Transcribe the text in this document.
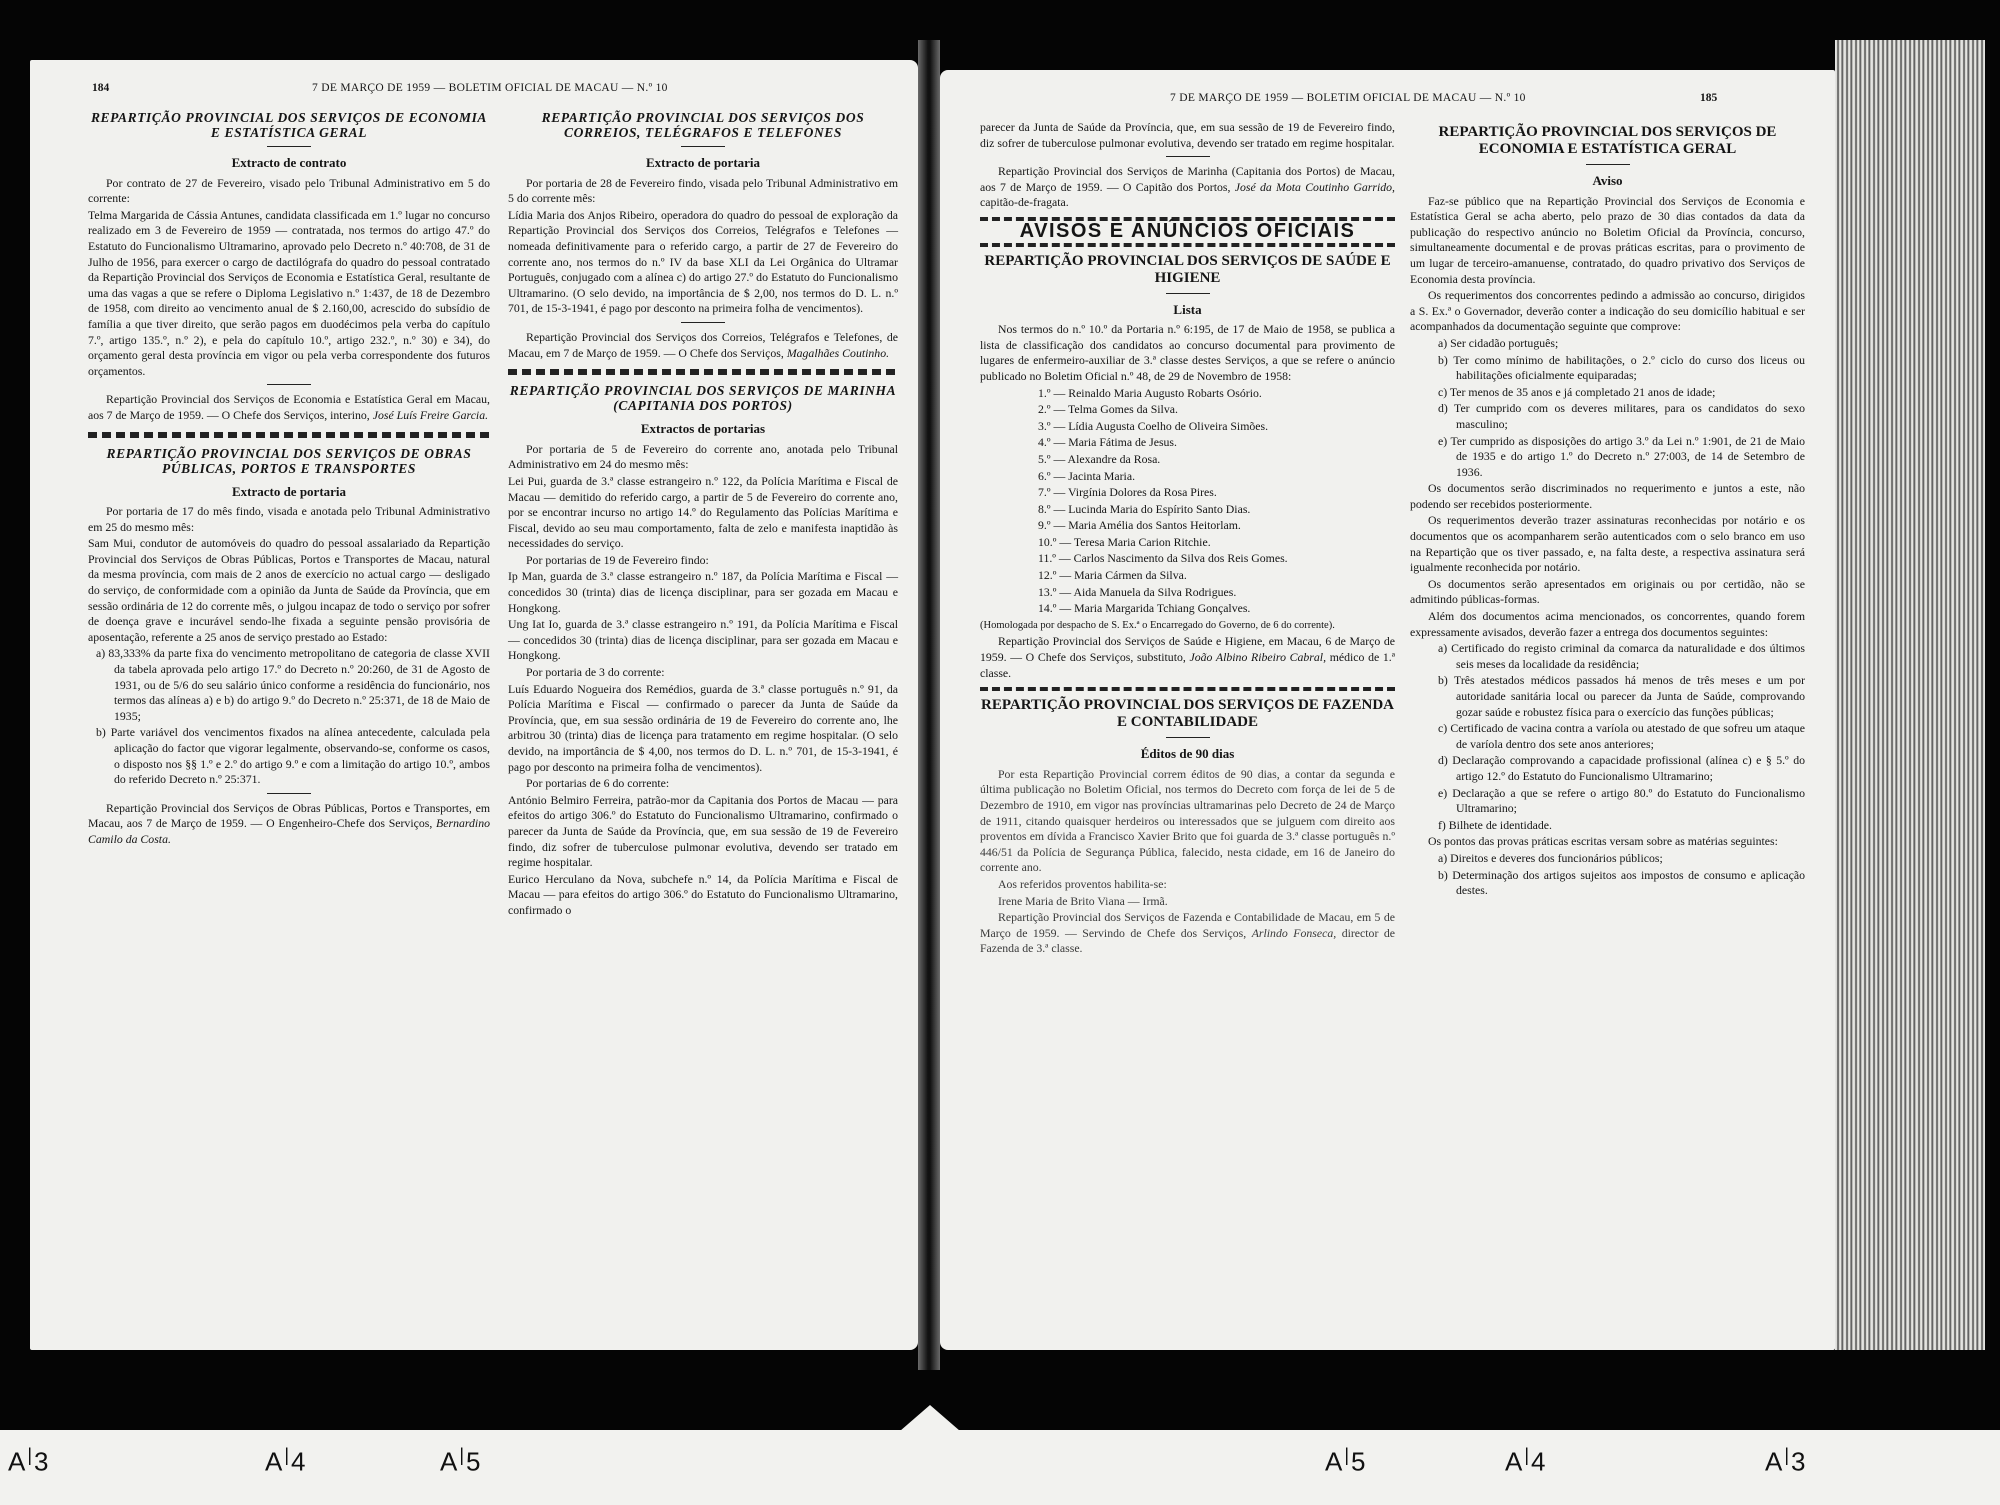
184	7 DE MARÇO DE 1959 — BOLETIM OFICIAL DE MACAU — N.º 10
REPARTIÇÃO PROVINCIAL DOS SERVIÇOS DE ECONOMIA E ESTATÍSTICA GERAL
Extracto de contrato

Por contrato de 27 de Fevereiro, visado pelo Tribunal Administrativo em 5 do corrente:

Telma Margarida de Cássia Antunes, candidata classificada em 1.º lugar no concurso realizado em 3 de Fevereiro de 1959 — contratada, nos termos do artigo 47.º do Estatuto do Funcionalismo Ultramarino, aprovado pelo Decreto n.º 40:708, de 31 de Julho de 1956, para exercer o cargo de dactilógrafa do quadro do pessoal contratado da Repartição Provincial dos Serviços de Economia e Estatística Geral, resultante de uma das vagas a que se refere o Diploma Legislativo n.º 1:437, de 18 de Dezembro de 1958, com direito ao vencimento anual de $ 2.160,00, acrescido do subsídio de família a que tiver direito, que serão pagos em duodécimos pela verba do capítulo 7.º, artigo 135.º, n.º 2), e pela do capítulo 10.º, artigo 232.º, n.º 30) e 34), do orçamento geral desta província em vigor ou pela verba correspondente dos futuros orçamentos.

Repartição Provincial dos Serviços de Economia e Estatística Geral em Macau, aos 7 de Março de 1959. — O Chefe dos Serviços, interino, José Luís Freire Garcia.

REPARTIÇÃO PROVINCIAL DOS SERVIÇOS DE OBRAS PÚBLICAS, PORTOS E TRANSPORTES
Extracto de portaria

Por portaria de 17 do mês findo, visada e anotada pelo Tribunal Administrativo em 25 do mesmo mês:

Sam Mui, condutor de automóveis do quadro do pessoal assalariado da Repartição Provincial dos Serviços de Obras Públicas, Portos e Transportes de Macau, natural da mesma província, com mais de 2 anos de exercício no actual cargo — desligado do serviço, de conformidade com a opinião da Junta de Saúde da Província, que em sessão ordinária de 12 do corrente mês, o julgou incapaz de todo o serviço por sofrer de doença grave e incurável sendo-lhe fixada a seguinte pensão provisória de aposentação, referente a 25 anos de serviço prestado ao Estado:

a) 83,333% da parte fixa do vencimento metropolitano de categoria de classe XVII da tabela aprovada pelo artigo 17.º do Decreto n.º 20:260, de 31 de Agosto de 1931, ou de 5/6 do seu salário único conforme a residência do funcionário, nos termos das alíneas a) e b) do artigo 9.º do Decreto n.º 25:371, de 18 de Maio de 1935;

b) Parte variável dos vencimentos fixados na alínea antecedente, calculada pela aplicação do factor que vigorar legalmente, observando-se, conforme os casos, o disposto nos §§ 1.º e 2.º do artigo 9.º e com a limitação do artigo 10.º, ambos do referido Decreto n.º 25:371.

Repartição Provincial dos Serviços de Obras Públicas, Portos e Transportes, em Macau, aos 7 de Março de 1959. — O Engenheiro-Chefe dos Serviços, Bernardino Camilo da Costa.

REPARTIÇÃO PROVINCIAL DOS SERVIÇOS DOS CORREIOS, TELÉGRAFOS E TELEFONES
Extracto de portaria

Por portaria de 28 de Fevereiro findo, visada pelo Tribunal Administrativo em 5 do corrente mês:

Lídia Maria dos Anjos Ribeiro, operadora do quadro do pessoal de exploração da Repartição Provincial dos Serviços dos Correios, Telégrafos e Telefones — nomeada definitivamente para o referido cargo, a partir de 27 de Fevereiro do corrente ano, nos termos do n.º IV da base XLI da Lei Orgânica do Ultramar Português, conjugado com a alínea c) do artigo 27.º do Estatuto do Funcionalismo Ultramarino. (O selo devido, na importância de $ 2,00, nos termos do D. L. n.º 701, de 15-3-1941, é pago por desconto na primeira folha de vencimentos).

Repartição Provincial dos Serviços dos Correios, Telégrafos e Telefones, de Macau, em 7 de Março de 1959. — O Chefe dos Serviços, Magalhães Coutinho.

REPARTIÇÃO PROVINCIAL DOS SERVIÇOS DE MARINHA (CAPITANIA DOS PORTOS)
Extractos de portarias

Por portaria de 5 de Fevereiro do corrente ano, anotada pelo Tribunal Administrativo em 24 do mesmo mês:

Lei Pui, guarda de 3.ª classe estrangeiro n.º 122, da Polícia Marítima e Fiscal de Macau — demitido do referido cargo, a partir de 5 de Fevereiro do corrente ano, por se encontrar incurso no artigo 14.º do Regulamento das Polícias Marítima e Fiscal, devido ao seu mau comportamento, falta de zelo e manifesta inaptidão às necessidades do serviço.

Por portarias de 19 de Fevereiro findo:

Ip Man, guarda de 3.ª classe estrangeiro n.º 187, da Polícia Marítima e Fiscal — concedidos 30 (trinta) dias de licença disciplinar, para ser gozada em Macau e Hongkong.

Ung Iat Io, guarda de 3.ª classe estrangeiro n.º 191, da Polícia Marítima e Fiscal — concedidos 30 (trinta) dias de licença disciplinar, para ser gozada em Macau e Hongkong.

Por portaria de 3 do corrente:

Luís Eduardo Nogueira dos Remédios, guarda de 3.ª classe português n.º 91, da Polícia Marítima e Fiscal — confirmado o parecer da Junta de Saúde da Província, que, em sua sessão ordinária de 19 de Fevereiro do corrente ano, lhe arbitrou 30 (trinta) dias de licença para tratamento em regime hospitalar. (O selo devido, na importância de $ 4,00, nos termos do D. L. n.º 701, de 15-3-1941, é pago por desconto na primeira folha de vencimentos).

Por portarias de 6 do corrente:

António Belmiro Ferreira, patrão-mor da Capitania dos Portos de Macau — para efeitos do artigo 306.º do Estatuto do Funcionalismo Ultramarino, confirmado o parecer da Junta de Saúde da Província, que, em sua sessão de 19 de Fevereiro findo, diz sofrer de tuberculose pulmonar evolutiva, devendo ser tratado em regime hospitalar.

Eurico Herculano da Nova, subchefe n.º 14, da Polícia Marítima e Fiscal de Macau — para efeitos do artigo 306.º do Estatuto do Funcionalismo Ultramarino, confirmado o

7 DE MARÇO DE 1959 — BOLETIM OFICIAL DE MACAU — N.º 10	185

parecer da Junta de Saúde da Província, que, em sua sessão de 19 de Fevereiro findo, diz sofrer de tuberculose pulmonar evolutiva, devendo ser tratado em regime hospitalar.

Repartição Provincial dos Serviços de Marinha (Capitania dos Portos) de Macau, aos 7 de Março de 1959. — O Capitão dos Portos, José da Mota Coutinho Garrido, capitão-de-fragata.

AVISOS E ANÚNCIOS OFICIAIS
REPARTIÇÃO PROVINCIAL DOS SERVIÇOS DE SAÚDE E HIGIENE
Lista

Nos termos do n.º 10.º da Portaria n.º 6:195, de 17 de Maio de 1958, se publica a lista de classificação dos candidatos ao concurso documental para provimento de lugares de enfermeiro-auxiliar de 3.ª classe destes Serviços, a que se refere o anúncio publicado no Boletim Oficial n.º 48, de 29 de Novembro de 1958:

1.º — Reinaldo Maria Augusto Robarts Osório.

2.º — Telma Gomes da Silva.

3.º — Lídia Augusta Coelho de Oliveira Simões.

4.º — Maria Fátima de Jesus.

5.º — Alexandre da Rosa.

6.º — Jacinta Maria.

7.º — Virgínia Dolores da Rosa Pires.

8.º — Lucinda Maria do Espírito Santo Dias.

9.º — Maria Amélia dos Santos Heitorlam.

10.º — Teresa Maria Carion Ritchie.

11.º — Carlos Nascimento da Silva dos Reis Gomes.

12.º — Maria Cármen da Silva.

13.º — Aida Manuela da Silva Rodrigues.

14.º — Maria Margarida Tchiang Gonçalves.

(Homologada por despacho de S. Ex.ª o Encarregado do Governo, de 6 do corrente).

Repartição Provincial dos Serviços de Saúde e Higiene, em Macau, 6 de Março de 1959. — O Chefe dos Serviços, substituto, João Albino Ribeiro Cabral, médico de 1.ª classe.

REPARTIÇÃO PROVINCIAL DOS SERVIÇOS DE FAZENDA E CONTABILIDADE
Éditos de 90 dias

Por esta Repartição Provincial correm éditos de 90 dias, a contar da segunda e última publicação no Boletim Oficial, nos termos do Decreto com força de lei de 5 de Dezembro de 1910, em vigor nas províncias ultramarinas pelo Decreto de 24 de Março de 1911, citando quaisquer herdeiros ou interessados que se julguem com direito aos proventos em dívida a Francisco Xavier Brito que foi guarda de 3.ª classe português n.º 446/51 da Polícia de Segurança Pública, falecido, nesta cidade, em 16 de Janeiro do corrente ano.

Aos referidos proventos habilita-se:

Irene Maria de Brito Viana — Irmã.

Repartição Provincial dos Serviços de Fazenda e Contabilidade de Macau, em 5 de Março de 1959. — Servindo de Chefe dos Serviços, Arlindo Fonseca, director de Fazenda de 3.ª classe.

REPARTIÇÃO PROVINCIAL DOS SERVIÇOS DE ECONOMIA E ESTATÍSTICA GERAL
Aviso

Faz-se público que na Repartição Provincial dos Serviços de Economia e Estatística Geral se acha aberto, pelo prazo de 30 dias contados da data da publicação do respectivo anúncio no Boletim Oficial da Província, concurso, simultaneamente documental e de provas práticas escritas, para o provimento de um lugar de terceiro-amanuense, contratado, do quadro privativo dos Serviços de Economia desta província.

Os requerimentos dos concorrentes pedindo a admissão ao concurso, dirigidos a S. Ex.ª o Governador, deverão conter a indicação do seu domicílio habitual e ser acompanhados da documentação seguinte que comprove:

a) Ser cidadão português;

b) Ter como mínimo de habilitações, o 2.º ciclo do curso dos liceus ou habilitações oficialmente equiparadas;

c) Ter menos de 35 anos e já completado 21 anos de idade;

d) Ter cumprido com os deveres militares, para os candidatos do sexo masculino;

e) Ter cumprido as disposições do artigo 3.º da Lei n.º 1:901, de 21 de Maio de 1935 e do artigo 1.º do Decreto n.º 27:003, de 14 de Setembro de 1936.

Os documentos serão discriminados no requerimento e juntos a este, não podendo ser recebidos posteriormente.

Os requerimentos deverão trazer assinaturas reconhecidas por notário e os documentos que os acompanharem serão autenticados com o selo branco em uso na Repartição que os tiver passado, e, na falta deste, a respectiva assinatura será igualmente reconhecida por notário.

Os documentos serão apresentados em originais ou por certidão, não se admitindo públicas-formas.

Além dos documentos acima mencionados, os concorrentes, quando forem expressamente avisados, deverão fazer a entrega dos documentos seguintes:

a) Certificado do registo criminal da comarca da naturalidade e dos últimos seis meses da localidade da residência;

b) Três atestados médicos passados há menos de três meses e um por autoridade sanitária local ou parecer da Junta de Saúde, comprovando gozar saúde e robustez física para o exercício das funções públicas;

c) Certificado de vacina contra a varíola ou atestado de que sofreu um ataque de varíola dentro dos sete anos anteriores;

d) Declaração comprovando a capacidade profissional (alínea c) e § 5.º do artigo 12.º do Estatuto do Funcionalismo Ultramarino;

e) Declaração a que se refere o artigo 80.º do Estatuto do Funcionalismo Ultramarino;

f) Bilhete de identidade.

Os pontos das provas práticas escritas versam sobre as matérias seguintes:

a) Direitos e deveres dos funcionários públicos;

b) Determinação dos artigos sujeitos aos impostos de consumo e aplicação destes.

A|3	A|4	A|5	A|5	A|4	A|3
